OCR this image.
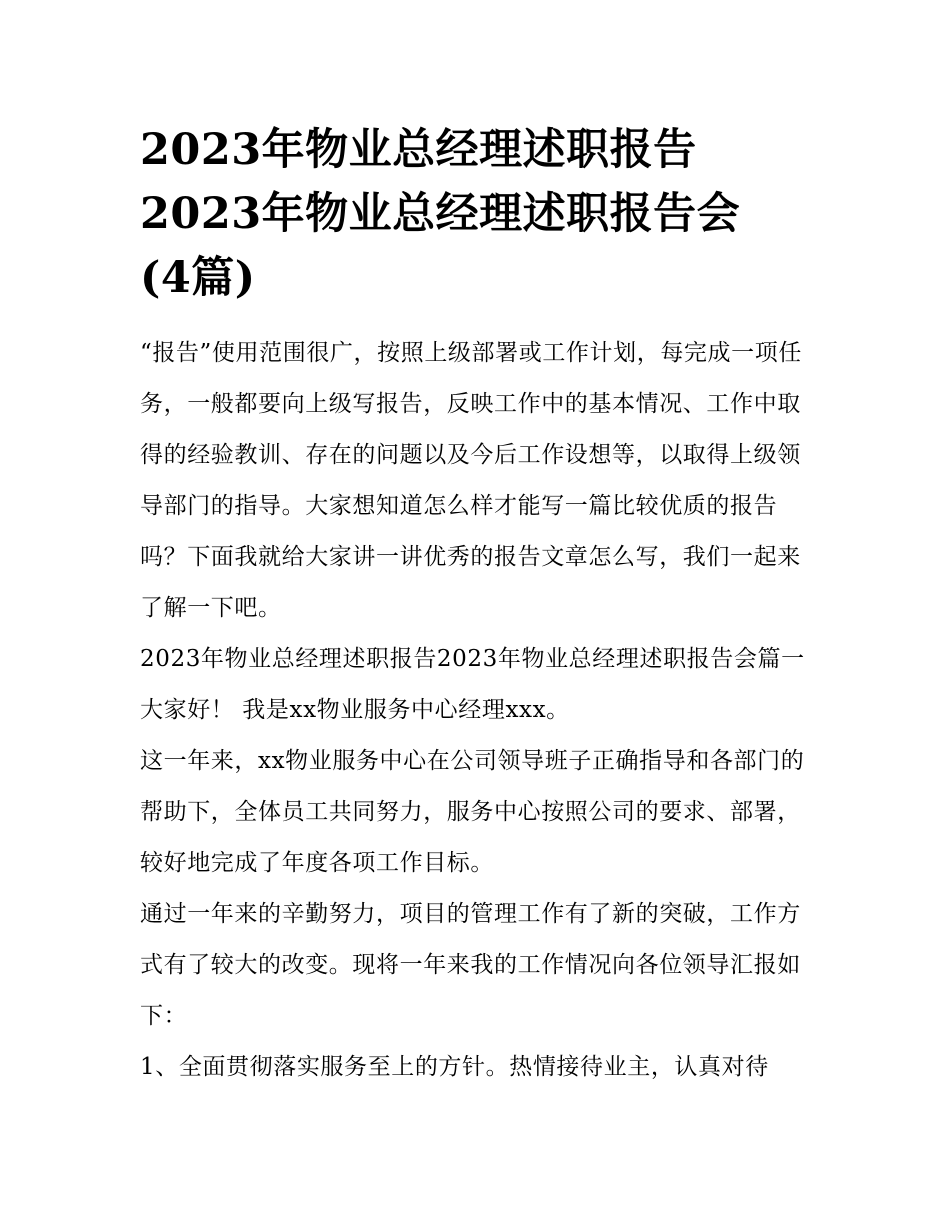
2023年物业总经理述职报告
2023年物业总经理述职报告会
(4篇)

“报告”使用范围很广，按照上级部署或工作计划，每完成一项任务，一般都要向上级写报告，反映工作中的基本情况、工作中取得的经验教训、存在的问题以及今后工作设想等，以取得上级领导部门的指导。大家想知道怎么样才能写一篇比较优质的报告吗？下面我就给大家讲一讲优秀的报告文章怎么写，我们一起来了解一下吧。

2023年物业总经理述职报告2023年物业总经理述职报告会篇一 大家好！ 我是xx物业服务中心经理xxx。

这一年来，xx物业服务中心在公司领导班子正确指导和各部门的帮助下，全体员工共同努力，服务中心按照公司的要求、部署，较好地完成了年度各项工作目标。

通过一年来的辛勤努力，项目的管理工作有了新的突破，工作方式有了较大的改变。现将一年来我的工作情况向各位领导汇报如下：

1、全面贯彻落实服务至上的方针。热情接待业主，认真对待
